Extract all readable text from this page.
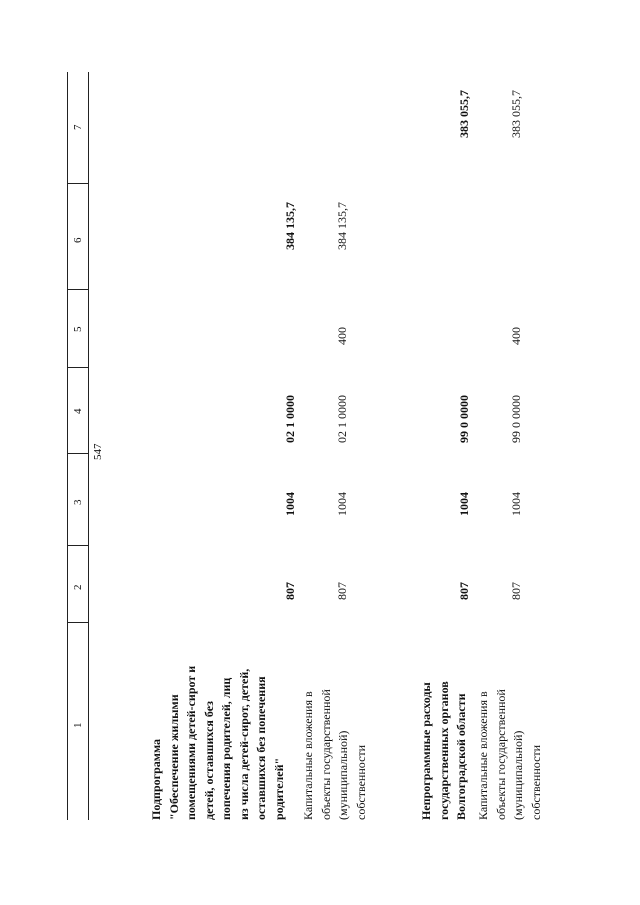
547
1
2
3
4
5
6
7
Подпрограмма "Обеспечение жилыми помещениями детей-сирот и детей, оставшихся без попечения родителей, лиц из числа детей-сирот, детей, оставшихся без попечения родителей"
807
1004
02 1 0000
384 135,7
Капитальные вложения в объекты государственной (муниципальной) собственности
807
1004
02 1 0000
400
384 135,7
Непрограммные расходы государственных органов Волгоградской области
807
1004
99 0 0000
383 055,7
Капитальные вложения в объекты государственной (муниципальной) собственности
807
1004
99 0 0000
400
383 055,7
